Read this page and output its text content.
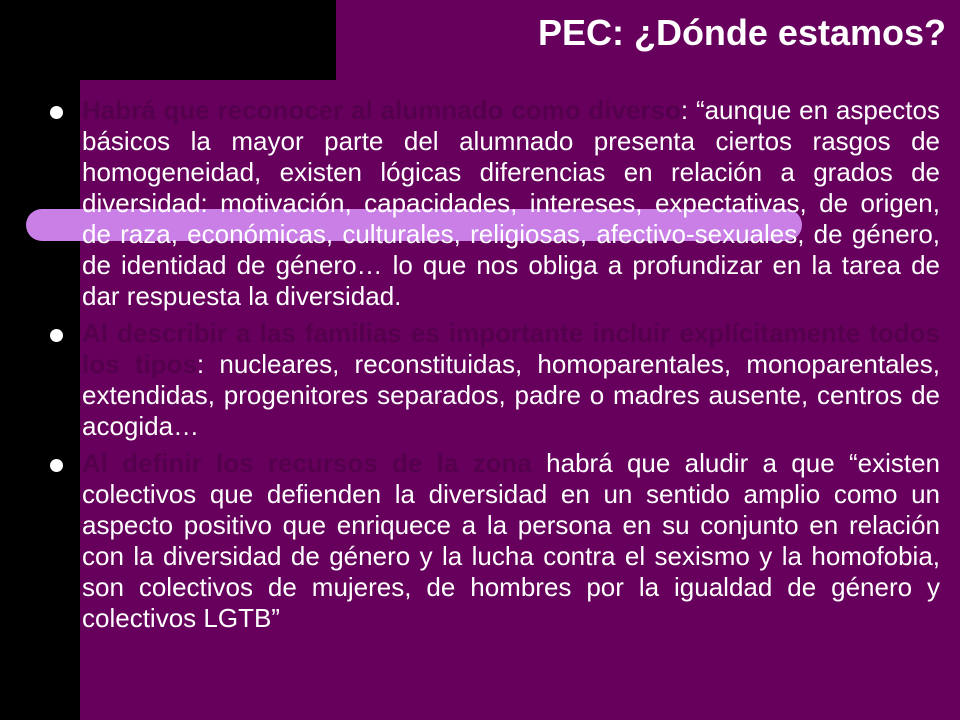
PEC: ¿Dónde estamos?
Habrá que reconocer al alumnado como diverso: “aunque en aspectos básicos la mayor parte del alumnado presenta ciertos rasgos de homogeneidad, existen lógicas diferencias en relación a grados de diversidad: motivación, capacidades, intereses, expectativas, de origen, de raza, económicas, culturales, religiosas, afectivo-sexuales, de género, de identidad de género… lo que nos obliga a profundizar en la tarea de dar respuesta la diversidad.
Al describir a las familias es importante incluir explícitamente todos los tipos: nucleares, reconstituidas, homoparentales, monoparentales, extendidas, progenitores separados, padre o madres ausente, centros de acogida…
Al definir los recursos de la zona habrá que aludir a que “existen colectivos que defienden la diversidad en un sentido amplio como un aspecto positivo que enriquece a la persona en su conjunto en relación con la diversidad de género y la lucha contra el sexismo y la homofobia, son colectivos de mujeres, de hombres por la igualdad de género y colectivos LGTB”
